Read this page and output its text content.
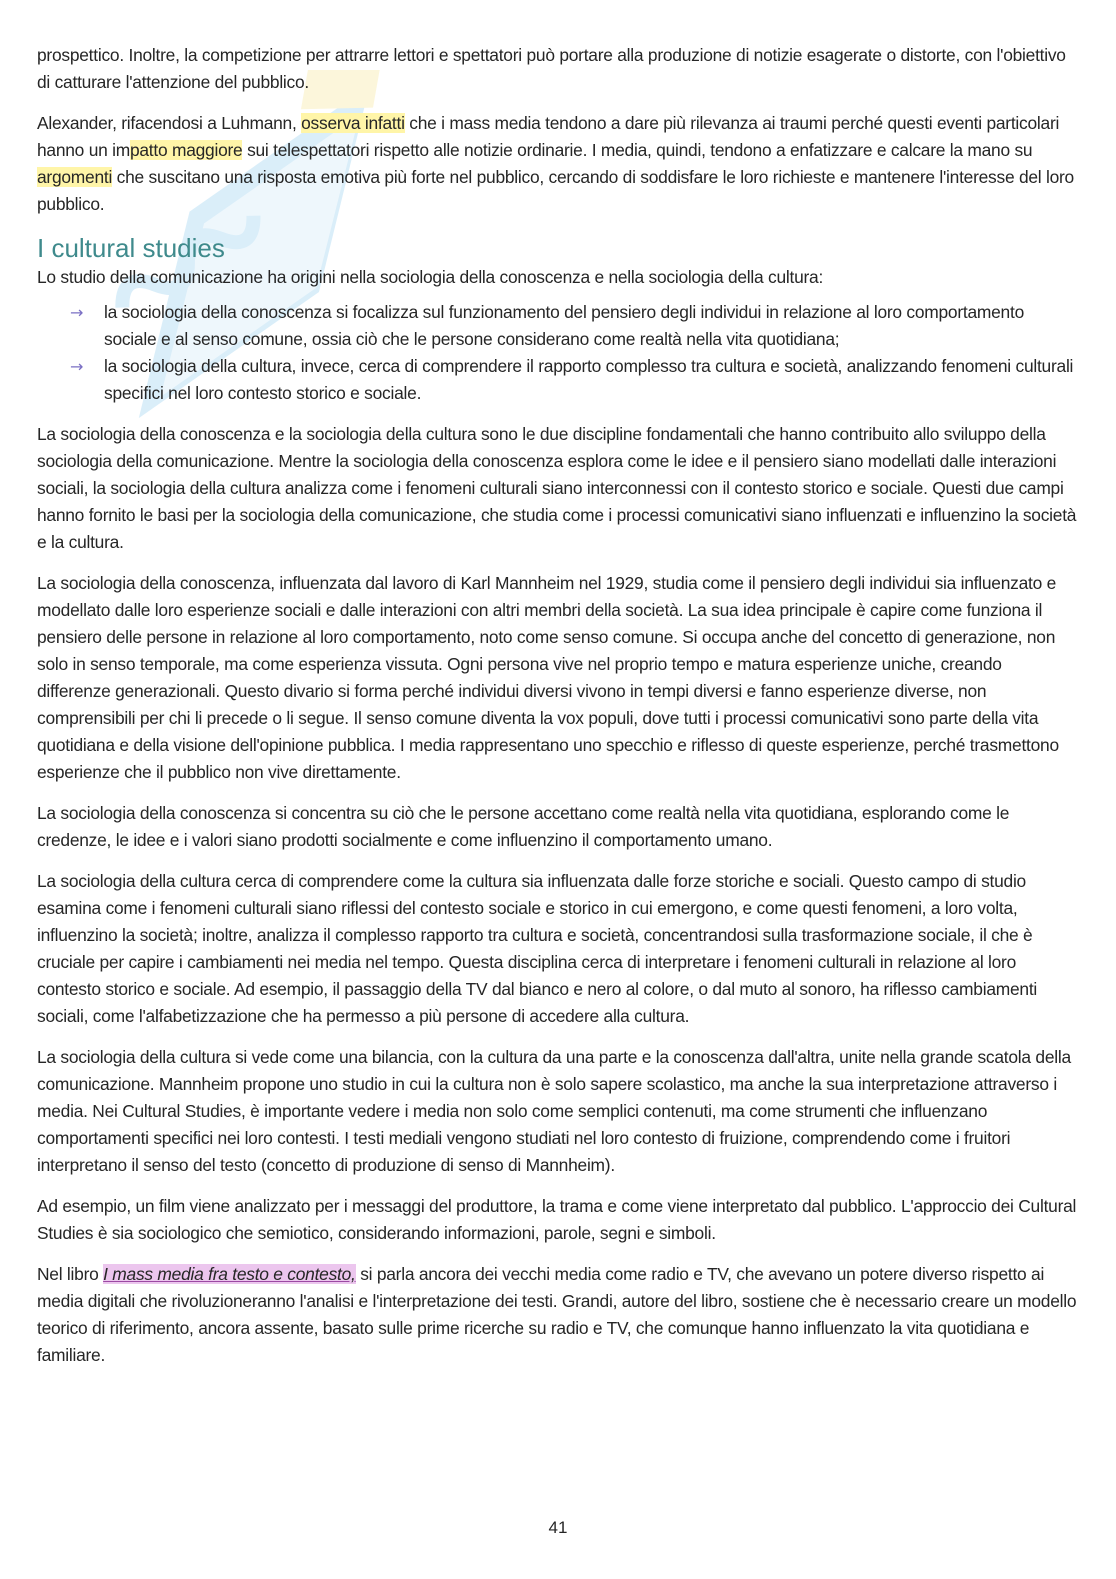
prospettico. Inoltre, la competizione per attrarre lettori e spettatori può portare alla produzione di notizie esagerate o distorte, con l'obiettivo di catturare l'attenzione del pubblico.

Alexander, rifacendosi a Luhmann, osserva infatti che i mass media tendono a dare più rilevanza ai traumi perché questi eventi particolari hanno un impatto maggiore sui telespettatori rispetto alle notizie ordinarie. I media, quindi, tendono a enfatizzare e calcare la mano su argomenti che suscitano una risposta emotiva più forte nel pubblico, cercando di soddisfare le loro richieste e mantenere l'interesse del loro pubblico.

I cultural studies

Lo studio della comunicazione ha origini nella sociologia della conoscenza e nella sociologia della cultura:

→ la sociologia della conoscenza si focalizza sul funzionamento del pensiero degli individui in relazione al loro comportamento sociale e al senso comune, ossia ciò che le persone considerano come realtà nella vita quotidiana;
→ la sociologia della cultura, invece, cerca di comprendere il rapporto complesso tra cultura e società, analizzando fenomeni culturali specifici nel loro contesto storico e sociale.

La sociologia della conoscenza e la sociologia della cultura sono le due discipline fondamentali che hanno contribuito allo sviluppo della sociologia della comunicazione. Mentre la sociologia della conoscenza esplora come le idee e il pensiero siano modellati dalle interazioni sociali, la sociologia della cultura analizza come i fenomeni culturali siano interconnessi con il contesto storico e sociale. Questi due campi hanno fornito le basi per la sociologia della comunicazione, che studia come i processi comunicativi siano influenzati e influenzino la società e la cultura.

La sociologia della conoscenza, influenzata dal lavoro di Karl Mannheim nel 1929, studia come il pensiero degli individui sia influenzato e modellato dalle loro esperienze sociali e dalle interazioni con altri membri della società. La sua idea principale è capire come funziona il pensiero delle persone in relazione al loro comportamento, noto come senso comune. Si occupa anche del concetto di generazione, non solo in senso temporale, ma come esperienza vissuta. Ogni persona vive nel proprio tempo e matura esperienze uniche, creando differenze generazionali. Questo divario si forma perché individui diversi vivono in tempi diversi e fanno esperienze diverse, non comprensibili per chi li precede o li segue. Il senso comune diventa la vox populi, dove tutti i processi comunicativi sono parte della vita quotidiana e della visione dell'opinione pubblica. I media rappresentano uno specchio e riflesso di queste esperienze, perché trasmettono esperienze che il pubblico non vive direttamente.

La sociologia della conoscenza si concentra su ciò che le persone accettano come realtà nella vita quotidiana, esplorando come le credenze, le idee e i valori siano prodotti socialmente e come influenzino il comportamento umano.

La sociologia della cultura cerca di comprendere come la cultura sia influenzata dalle forze storiche e sociali. Questo campo di studio esamina come i fenomeni culturali siano riflessi del contesto sociale e storico in cui emergono, e come questi fenomeni, a loro volta, influenzino la società; inoltre, analizza il complesso rapporto tra cultura e società, concentrandosi sulla trasformazione sociale, il che è cruciale per capire i cambiamenti nei media nel tempo. Questa disciplina cerca di interpretare i fenomeni culturali in relazione al loro contesto storico e sociale. Ad esempio, il passaggio della TV dal bianco e nero al colore, o dal muto al sonoro, ha riflesso cambiamenti sociali, come l'alfabetizzazione che ha permesso a più persone di accedere alla cultura.

La sociologia della cultura si vede come una bilancia, con la cultura da una parte e la conoscenza dall'altra, unite nella grande scatola della comunicazione. Mannheim propone uno studio in cui la cultura non è solo sapere scolastico, ma anche la sua interpretazione attraverso i media. Nei Cultural Studies, è importante vedere i media non solo come semplici contenuti, ma come strumenti che influenzano comportamenti specifici nei loro contesti. I testi mediali vengono studiati nel loro contesto di fruizione, comprendendo come i fruitori interpretano il senso del testo (concetto di produzione di senso di Mannheim).

Ad esempio, un film viene analizzato per i messaggi del produttore, la trama e come viene interpretato dal pubblico. L'approccio dei Cultural Studies è sia sociologico che semiotico, considerando informazioni, parole, segni e simboli.

Nel libro I mass media fra testo e contesto, si parla ancora dei vecchi media come radio e TV, che avevano un potere diverso rispetto ai media digitali che rivoluzioneranno l'analisi e l'interpretazione dei testi. Grandi, autore del libro, sostiene che è necessario creare un modello teorico di riferimento, ancora assente, basato sulle prime ricerche su radio e TV, che comunque hanno influenzato la vita quotidiana e familiare.

41
